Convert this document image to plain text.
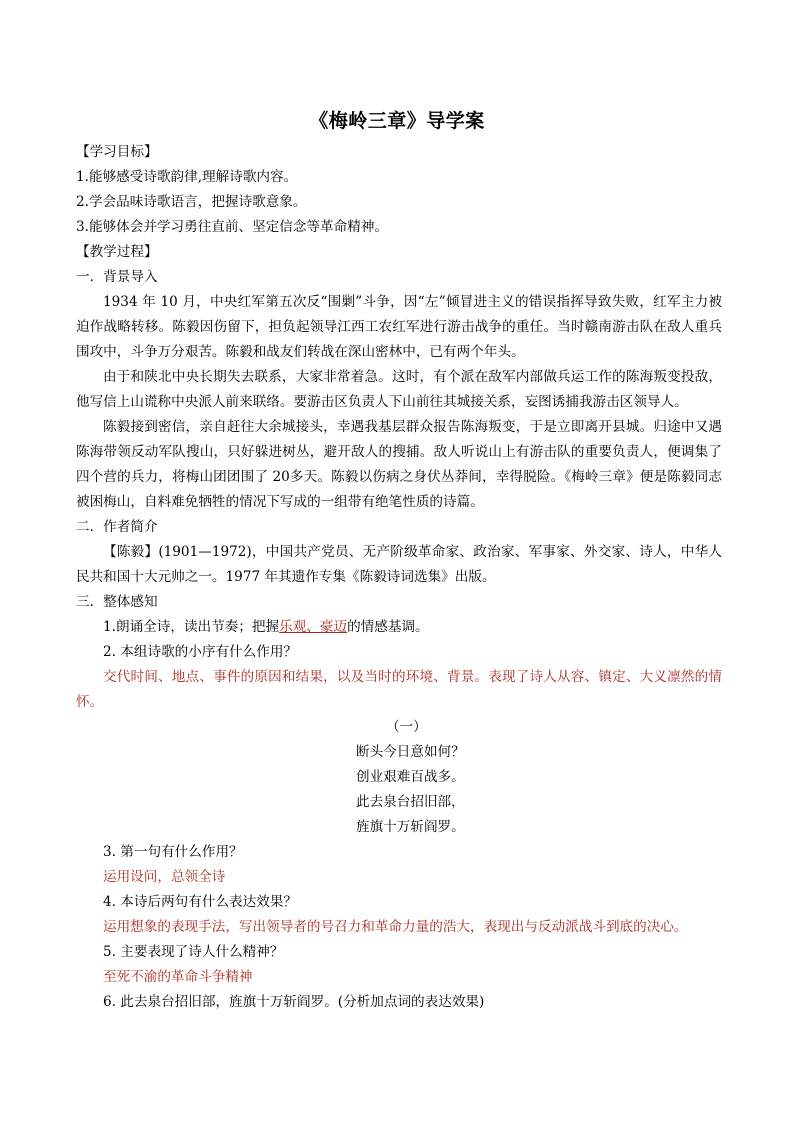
《梅岭三章》导学案

【学习目标】

1.能够感受诗歌韵律,理解诗歌内容。

2.学会品味诗歌语言，把握诗歌意象。

3.能够体会并学习勇往直前、坚定信念等革命精神。

【教学过程】

一．背景导入

1934 年 10 月，中央红军第五次反“围剿”斗争，因“左”倾冒进主义的错误指挥导致失败，红军主力被迫作战略转移。陈毅因伤留下，担负起领导江西工农红军进行游击战争的重任。当时赣南游击队在敌人重兵围攻中，斗争万分艰苦。陈毅和战友们转战在深山密林中，已有两个年头。

由于和陕北中央长期失去联系，大家非常着急。这时，有个派在敌军内部做兵运工作的陈海叛变投敌，他写信上山谎称中央派人前来联络。要游击区负责人下山前往其城接关系，妄图诱捕我游击区领导人。

陈毅接到密信，亲自赶往大余城接头，幸遇我基层群众报告陈海叛变，于是立即离开县城。归途中又遇陈海带领反动军队搜山，只好躲进树丛，避开敌人的搜捕。敌人听说山上有游击队的重要负责人，便调集了四个营的兵力，将梅山团团围了 20多天。陈毅以伤病之身伏丛莽间，幸得脱险。《梅岭三章》便是陈毅同志被困梅山，自料难免牺牲的情况下写成的一组带有绝笔性质的诗篇。

二．作者简介

【陈毅】(1901—1972)，中国共产党员、无产阶级革命家、政治家、军事家、外交家、诗人，中华人民共和国十大元帅之一。1977 年其遗作专集《陈毅诗词选集》出版。

三．整体感知

1.朗诵全诗，读出节奏；把握乐观、豪迈的情感基调。

2. 本组诗歌的小序有什么作用？

交代时间、地点、事件的原因和结果，以及当时的环境、背景。表现了诗人从容、镇定、大义凛然的情怀。

（一）
断头今日意如何？
创业艰难百战多。
此去泉台招旧部，
旌旗十万斩阎罗。

3. 第一句有什么作用？

运用设问，总领全诗

4. 本诗后两句有什么表达效果？

运用想象的表现手法，写出领导者的号召力和革命力量的浩大，表现出与反动派战斗到底的决心。

5. 主要表现了诗人什么精神？

至死不渝的革命斗争精神

6. 此去泉台招旧部，旌旗十万斩阎罗。(分析加点词的表达效果)
